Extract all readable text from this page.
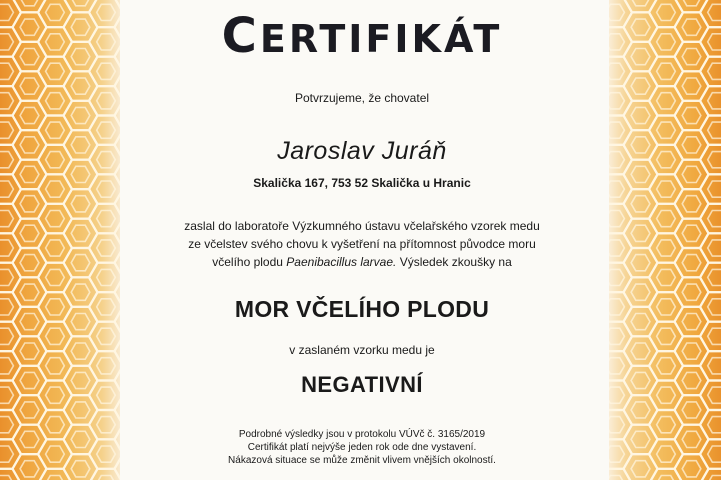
CERTIFIKÁT
Potvrzujeme, že chovatel
Jaroslav Juráň
Skalička 167, 753 52 Skalička u Hranic
zaslal do laboratoře Výzkumného ústavu včelařského vzorek medu
ze včelstev svého chovu k vyšetření na přítomnost původce moru
včelího plodu Paenibacillus larvae. Výsledek zkoušky na
MOR VČELÍHO PLODU
v zaslaném vzorku medu je
NEGATIVNÍ
Podrobné výsledky jsou v protokolu VÚVč č. 3165/2019
Certifikát platí nejvýše jeden rok ode dne vystavení.
Nákazová situace se může změnit vlivem vnějších okolností.
